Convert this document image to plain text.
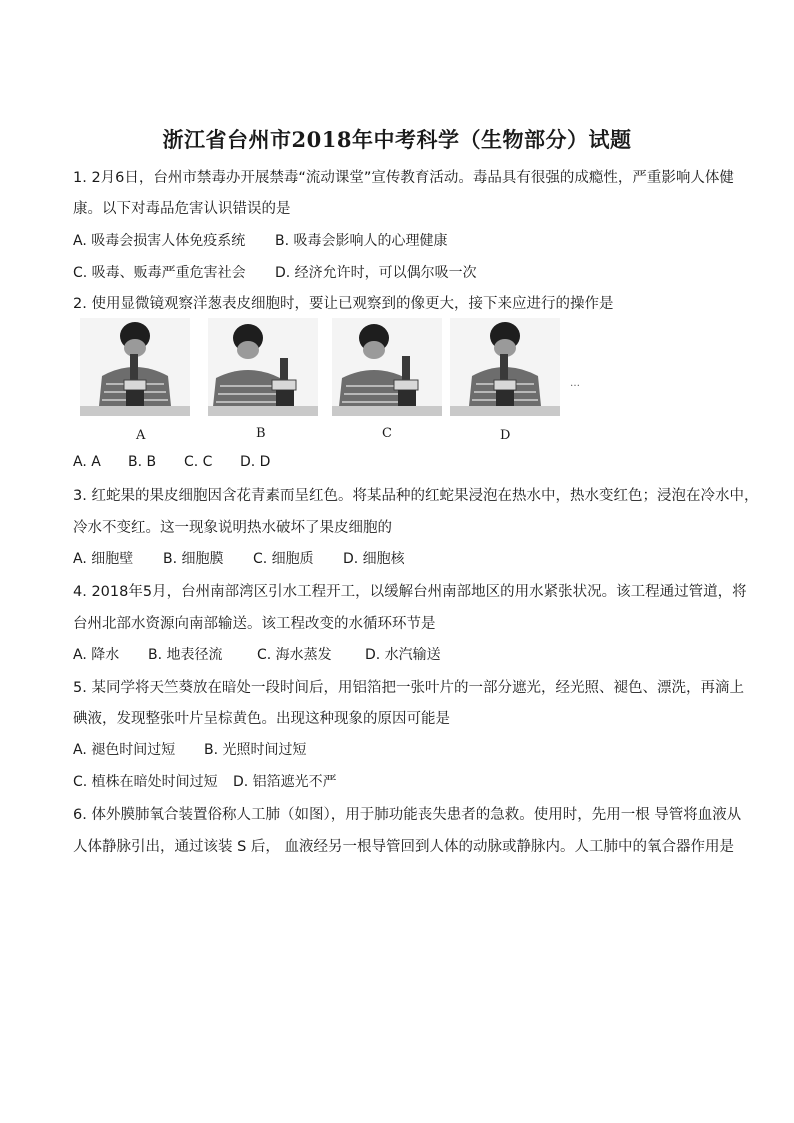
浙江省台州市2018年中考科学（生物部分）试题
1. 2月6日，台州市禁毒办开展禁毒“流动课堂”宣传教育活动。毒品具有很强的成瘾性，严重影响人体健
康。以下对毒品危害认识错误的是
A. 吸毒会损害人体免疫系统 B. 吸毒会影响人的心理健康
C. 吸毒、贩毒严重危害社会 D. 经济允许时，可以偶尔吸一次
2. 使用显微镜观察洋葱表皮细胞时，要让已观察到的像更大，接下来应进行的操作是
A	B	C	D
…
A. A B. B C. C D. D
3. 红蛇果的果皮细胞因含花青素而呈红色。将某品种的红蛇果浸泡在热水中，热水变红色；浸泡在冷水中，
冷水不变红。这一现象说明热水破坏了果皮细胞的
A. 细胞壁 B. 细胞膜 C. 细胞质 D. 细胞核
4. 2018年5月，台州南部湾区引水工程开工，以缓解台州南部地区的用水紧张状况。该工程通过管道，将
台州北部水资源向南部输送。该工程改变的水循环环节是
A. 降水 B. 地表径流 C. 海水蒸发 D. 水汽输送
5. 某同学将天竺葵放在暗处一段时间后，用铝箔把一张叶片的一部分遮光，经光照、褪色、漂洗，再滴上
碘液，发现整张叶片呈棕黄色。出现这种现象的原因可能是
A. 褪色时间过短 B. 光照时间过短
C. 植株在暗处时间过短 D. 铝箔遮光不严
6. 体外膜肺氧合装置俗称人工肺（如图），用于肺功能丧失患者的急救。使用时，先用一根 导管将血液从
人体静脉引出，通过该装 S 后， 血液经另一根导管回到人体的动脉或静脉内。人工肺中的氧合器作用是
